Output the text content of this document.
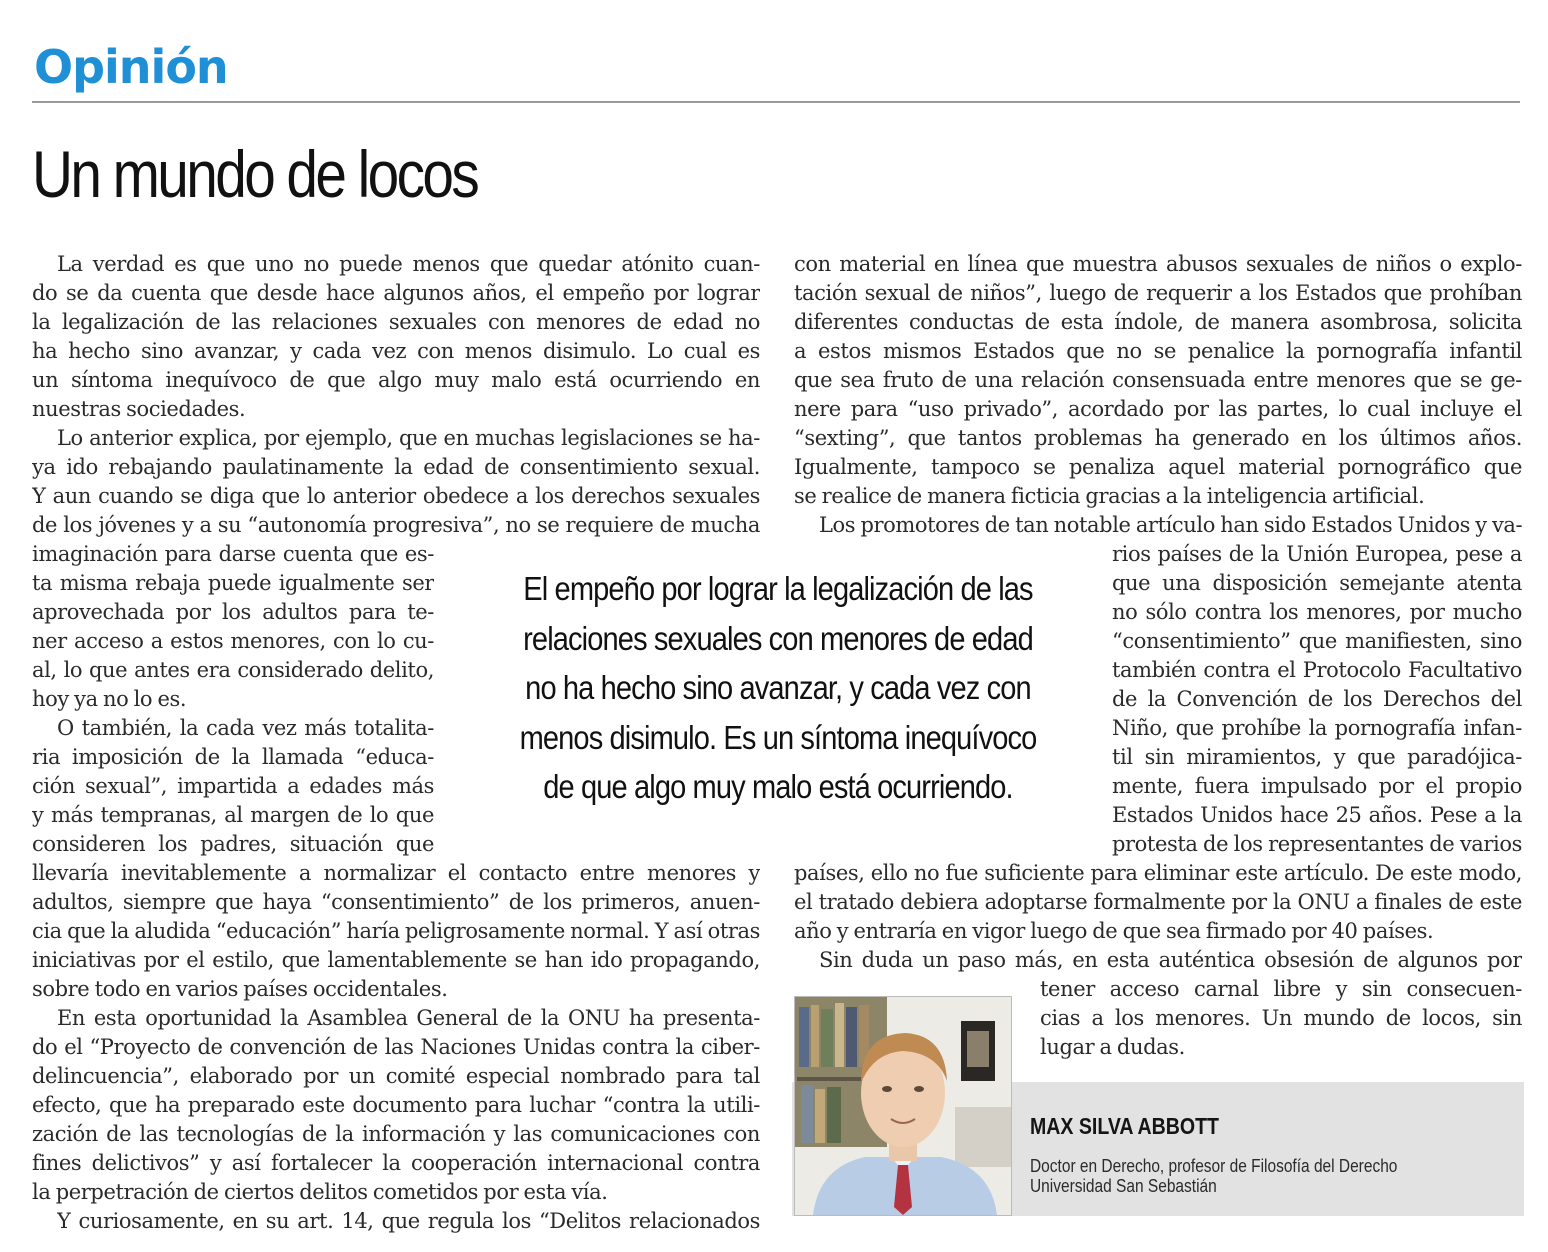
Opinión
Un mundo de locos
La verdad es que uno no puede menos que quedar atónito cuan-
do se da cuenta que desde hace algunos años, el empeño por lograr
la legalización de las relaciones sexuales con menores de edad no
ha hecho sino avanzar, y cada vez con menos disimulo. Lo cual es
un síntoma inequívoco de que algo muy malo está ocurriendo en
nuestras sociedades.
Lo anterior explica, por ejemplo, que en muchas legislaciones se ha-
ya ido rebajando paulatinamente la edad de consentimiento sexual.
Y aun cuando se diga que lo anterior obedece a los derechos sexuales
de los jóvenes y a su “autonomía progresiva”, no se requiere de mucha
imaginación para darse cuenta que es-
ta misma rebaja puede igualmente ser
aprovechada por los adultos para te-
ner acceso a estos menores, con lo cu-
al, lo que antes era considerado delito,
hoy ya no lo es.
O también, la cada vez más totalita-
ria imposición de la llamada “educa-
ción sexual”, impartida a edades más
y más tempranas, al margen de lo que
consideren los padres, situación que
llevaría inevitablemente a normalizar el contacto entre menores y
adultos, siempre que haya “consentimiento” de los primeros, anuen-
cia que la aludida “educación” haría peligrosamente normal. Y así otras
iniciativas por el estilo, que lamentablemente se han ido propagando,
sobre todo en varios países occidentales.
En esta oportunidad la Asamblea General de la ONU ha presenta-
do el “Proyecto de convención de las Naciones Unidas contra la ciber-
delincuencia”, elaborado por un comité especial nombrado para tal
efecto, que ha preparado este documento para luchar “contra la utili-
zación de las tecnologías de la información y las comunicaciones con
fines delictivos” y así fortalecer la cooperación internacional contra
la perpetración de ciertos delitos cometidos por esta vía.
Y curiosamente, en su art. 14, que regula los “Delitos relacionados
con material en línea que muestra abusos sexuales de niños o explo-
tación sexual de niños”, luego de requerir a los Estados que prohíban
diferentes conductas de esta índole, de manera asombrosa, solicita
a estos mismos Estados que no se penalice la pornografía infantil
que sea fruto de una relación consensuada entre menores que se ge-
nere para “uso privado”, acordado por las partes, lo cual incluye el
“sexting”, que tantos problemas ha generado en los últimos años.
Igualmente, tampoco se penaliza aquel material pornográfico que
se realice de manera ficticia gracias a la inteligencia artificial.
Los promotores de tan notable artículo han sido Estados Unidos y va-
rios países de la Unión Europea, pese a
que una disposición semejante atenta
no sólo contra los menores, por mucho
“consentimiento” que manifiesten, sino
también contra el Protocolo Facultativo
de la Convención de los Derechos del
Niño, que prohíbe la pornografía infan-
til sin miramientos, y que paradójica-
mente, fuera impulsado por el propio
Estados Unidos hace 25 años. Pese a la
protesta de los representantes de varios
países, ello no fue suficiente para eliminar este artículo. De este modo,
el tratado debiera adoptarse formalmente por la ONU a finales de este
año y entraría en vigor luego de que sea firmado por 40 países.
Sin duda un paso más, en esta auténtica obsesión de algunos por
tener acceso carnal libre y sin consecuen-
cias a los menores. Un mundo de locos, sin
lugar a dudas.
El empeño por lograr la legalización de las relaciones sexuales con menores de edad no ha hecho sino avanzar, y cada vez con menos disimulo. Es un síntoma inequívoco de que algo muy malo está ocurriendo.
MAX SILVA ABBOTT
Doctor en Derecho, profesor de Filosofía del Derecho
Universidad San Sebastián
